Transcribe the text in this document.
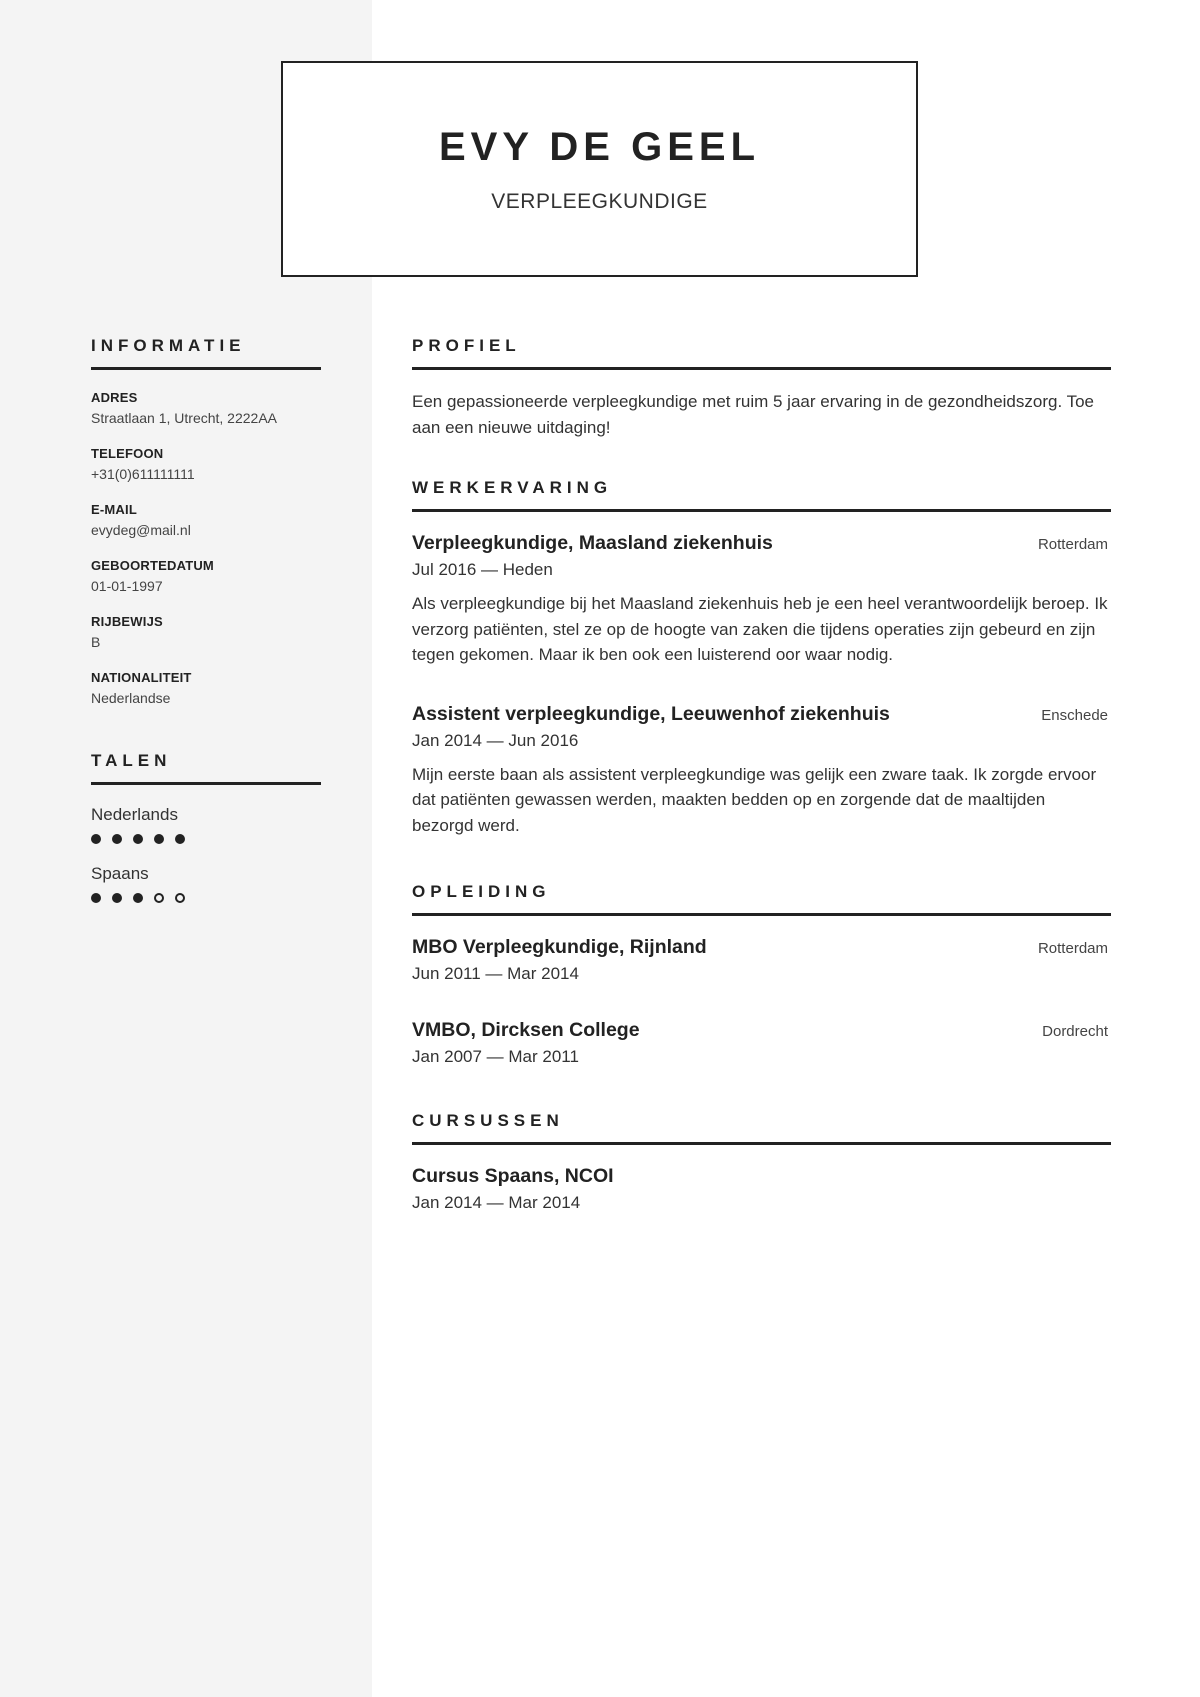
EVY DE GEEL
VERPLEEGKUNDIGE
INFORMATIE
ADRES
Straatlaan 1, Utrecht, 2222AA
TELEFOON
+31(0)611111111
E-MAIL
evydeg@mail.nl
GEBOORTEDATUM
01-01-1997
RIJBEWIJS
B
NATIONALITEIT
Nederlandse
TALEN
Nederlands
Spaans
PROFIEL
Een gepassioneerde verpleegkundige met ruim 5 jaar ervaring in de gezondheidszorg. Toe aan een nieuwe uitdaging!
WERKERVARING
Verpleegkundige, Maasland ziekenhuis	Rotterdam
Jul 2016 — Heden
Als verpleegkundige bij het Maasland ziekenhuis heb je een heel verantwoordelijk beroep. Ik verzorg patiënten, stel ze op de hoogte van zaken die tijdens operaties zijn gebeurd en zijn tegen gekomen. Maar ik ben ook een luisterend oor waar nodig.
Assistent verpleegkundige, Leeuwenhof ziekenhuis	Enschede
Jan 2014 — Jun 2016
Mijn eerste baan als assistent verpleegkundige was gelijk een zware taak. Ik zorgde ervoor dat patiënten gewassen werden, maakten bedden op en zorgende dat de maaltijden bezorgd werd.
OPLEIDING
MBO Verpleegkundige, Rijnland	Rotterdam
Jun 2011 — Mar 2014
VMBO, Dircksen College	Dordrecht
Jan 2007 — Mar 2011
CURSUSSEN
Cursus Spaans, NCOI
Jan 2014 — Mar 2014
